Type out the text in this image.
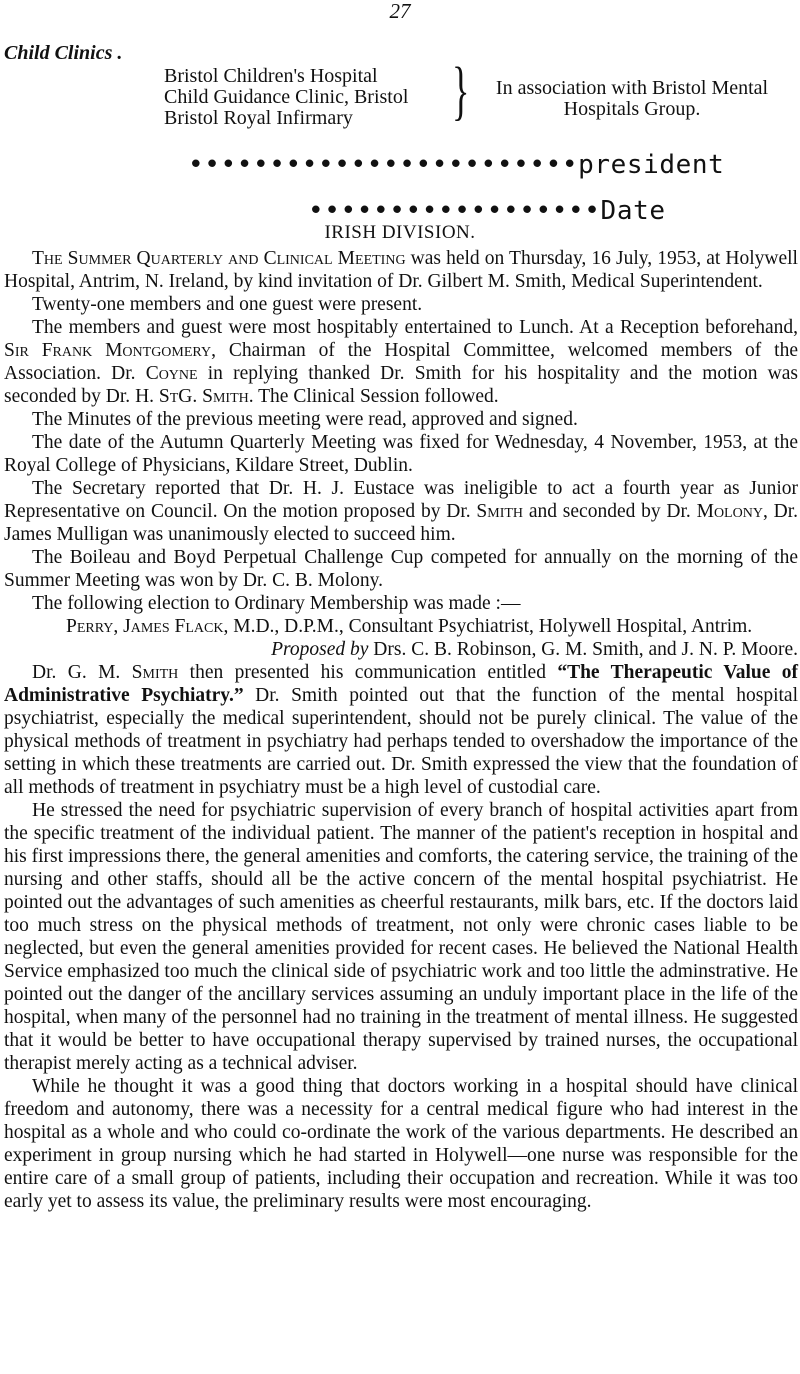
27
Child Clinics .
Bristol Children's Hospital
Child Guidance Clinic, Bristol
Bristol Royal Infirmary	}	In association with Bristol Mental Hospitals Group.
••••••••••••••••••••••••president
••••••••••••••••••Date
IRISH DIVISION.

The Summer Quarterly and Clinical Meeting was held on Thursday, 16 July, 1953, at Holywell Hospital, Antrim, N. Ireland, by kind invitation of Dr. Gilbert M. Smith, Medical Superintendent.

Twenty-one members and one guest were present.

The members and guest were most hospitably entertained to Lunch. At a Reception beforehand, Sir Frank Montgomery, Chairman of the Hospital Committee, welcomed members of the Association. Dr. Coyne in replying thanked Dr. Smith for his hospitality and the motion was seconded by Dr. H. StG. Smith. The Clinical Session followed.

The Minutes of the previous meeting were read, approved and signed.

The date of the Autumn Quarterly Meeting was fixed for Wednesday, 4 November, 1953, at the Royal College of Physicians, Kildare Street, Dublin.

The Secretary reported that Dr. H. J. Eustace was ineligible to act a fourth year as Junior Representative on Council. On the motion proposed by Dr. Smith and seconded by Dr. Molony, Dr. James Mulligan was unanimously elected to succeed him.

The Boileau and Boyd Perpetual Challenge Cup competed for annually on the morning of the Summer Meeting was won by Dr. C. B. Molony.

The following election to Ordinary Membership was made :—

Perry, James Flack, M.D., D.P.M., Consultant Psychiatrist, Holywell Hospital, Antrim.

Proposed by Drs. C. B. Robinson, G. M. Smith, and J. N. P. Moore.

Dr. G. M. Smith then presented his communication entitled “The Therapeutic Value of Administrative Psychiatry.” Dr. Smith pointed out that the function of the mental hospital psychiatrist, especially the medical superintendent, should not be purely clinical. The value of the physical methods of treatment in psychiatry had perhaps tended to overshadow the importance of the setting in which these treatments are carried out. Dr. Smith expressed the view that the foundation of all methods of treatment in psychiatry must be a high level of custodial care.

He stressed the need for psychiatric supervision of every branch of hospital activities apart from the specific treatment of the individual patient. The manner of the patient's reception in hospital and his first impressions there, the general amenities and comforts, the catering service, the training of the nursing and other staffs, should all be the active concern of the mental hospital psychiatrist. He pointed out the advantages of such amenities as cheerful restaurants, milk bars, etc. If the doctors laid too much stress on the physical methods of treatment, not only were chronic cases liable to be neglected, but even the general amenities provided for recent cases. He believed the National Health Service emphasized too much the clinical side of psychiatric work and too little the adminstrative. He pointed out the danger of the ancillary services assuming an unduly important place in the life of the hospital, when many of the personnel had no training in the treatment of mental illness. He suggested that it would be better to have occupational therapy supervised by trained nurses, the occupational therapist merely acting as a technical adviser.

While he thought it was a good thing that doctors working in a hospital should have clinical freedom and autonomy, there was a necessity for a central medical figure who had interest in the hospital as a whole and who could co-ordinate the work of the various departments. He described an experiment in group nursing which he had started in Holywell—one nurse was responsible for the entire care of a small group of patients, including their occupation and recreation. While it was too early yet to assess its value, the preliminary results were most encouraging.
